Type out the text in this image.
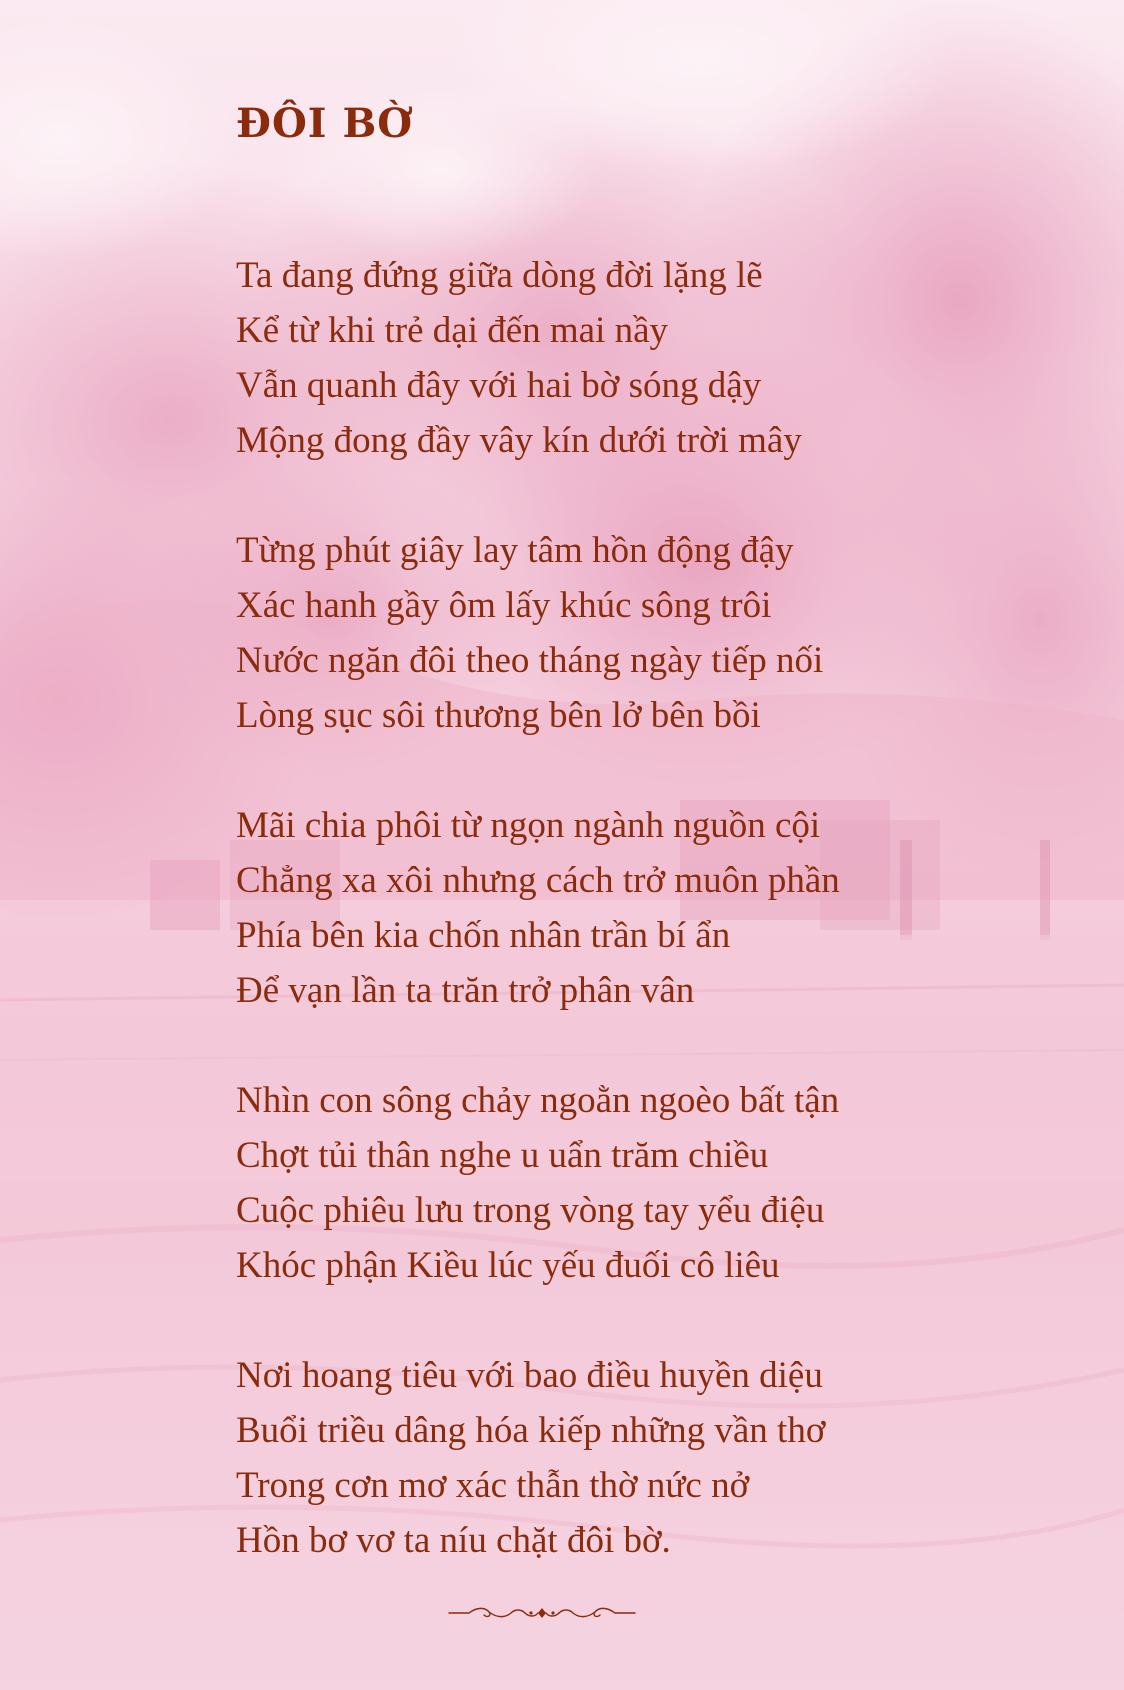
ĐÔI BỜ
Ta đang đứng giữa dòng đời lặng lẽ
Kể từ khi trẻ dại đến mai nầy
Vẫn quanh đây với hai bờ sóng dậy
Mộng đong đầy vây kín dưới trời mây
Từng phút giây lay tâm hồn động đậy
Xác hanh gầy ôm lấy khúc sông trôi
Nước ngăn đôi theo tháng ngày tiếp nối
Lòng sục sôi thương bên lở bên bồi
Mãi chia phôi từ ngọn ngành nguồn cội
Chẳng xa xôi nhưng cách trở muôn phần
Phía bên kia chốn nhân trần bí ẩn
Để vạn lần ta trăn trở phân vân
Nhìn con sông chảy ngoằn ngoèo bất tận
Chợt tủi thân nghe u uẩn trăm chiều
Cuộc phiêu lưu trong vòng tay yểu điệu
Khóc phận Kiều lúc yếu đuối cô liêu
Nơi hoang tiêu với bao điều huyền diệu
Buổi triều dâng hóa kiếp những vần thơ
Trong cơn mơ xác thẫn thờ nức nở
Hồn bơ vơ ta níu chặt đôi bờ.
